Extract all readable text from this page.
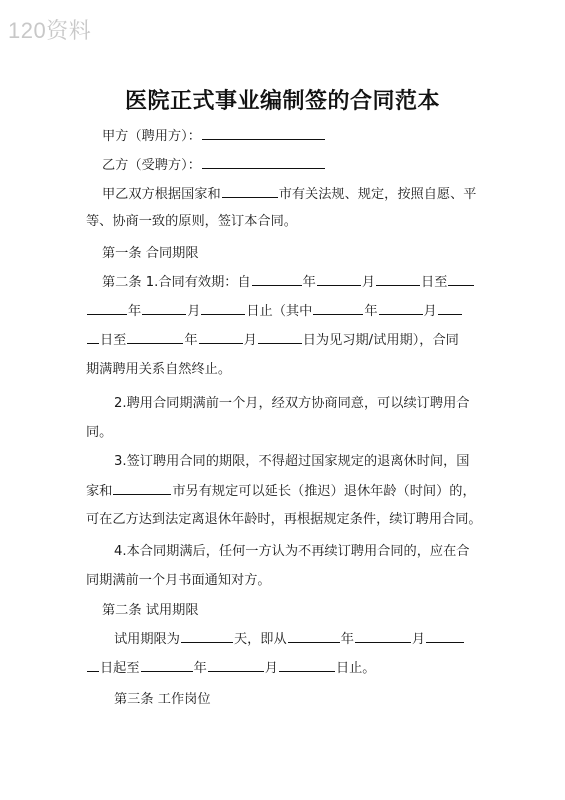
120资料
医院正式事业编制签的合同范本
甲方（聘用方）：
乙方（受聘方）：
甲乙双方根据国家和	市有关法规、规定，按照自愿、平
等、协商一致的原则，签订本合同。
第一条 合同期限
第二条 1.合同有效期：自	年	月	日至
年	月	日止（其中	年	月
日至	年	月	日为见习期/试用期），合同
期满聘用关系自然终止。
2.聘用合同期满前一个月，经双方协商同意，可以续订聘用合
同。
3.签订聘用合同的期限，不得超过国家规定的退离休时间，国
家和	市另有规定可以延长（推迟）退休年龄（时间）的，
可在乙方达到法定离退休年龄时，再根据规定条件，续订聘用合同。
4.本合同期满后，任何一方认为不再续订聘用合同的，应在合
同期满前一个月书面通知对方。
第二条 试用期限
试用期限为	天，即从	年	月
日起至	年	月	日止。
第三条 工作岗位
